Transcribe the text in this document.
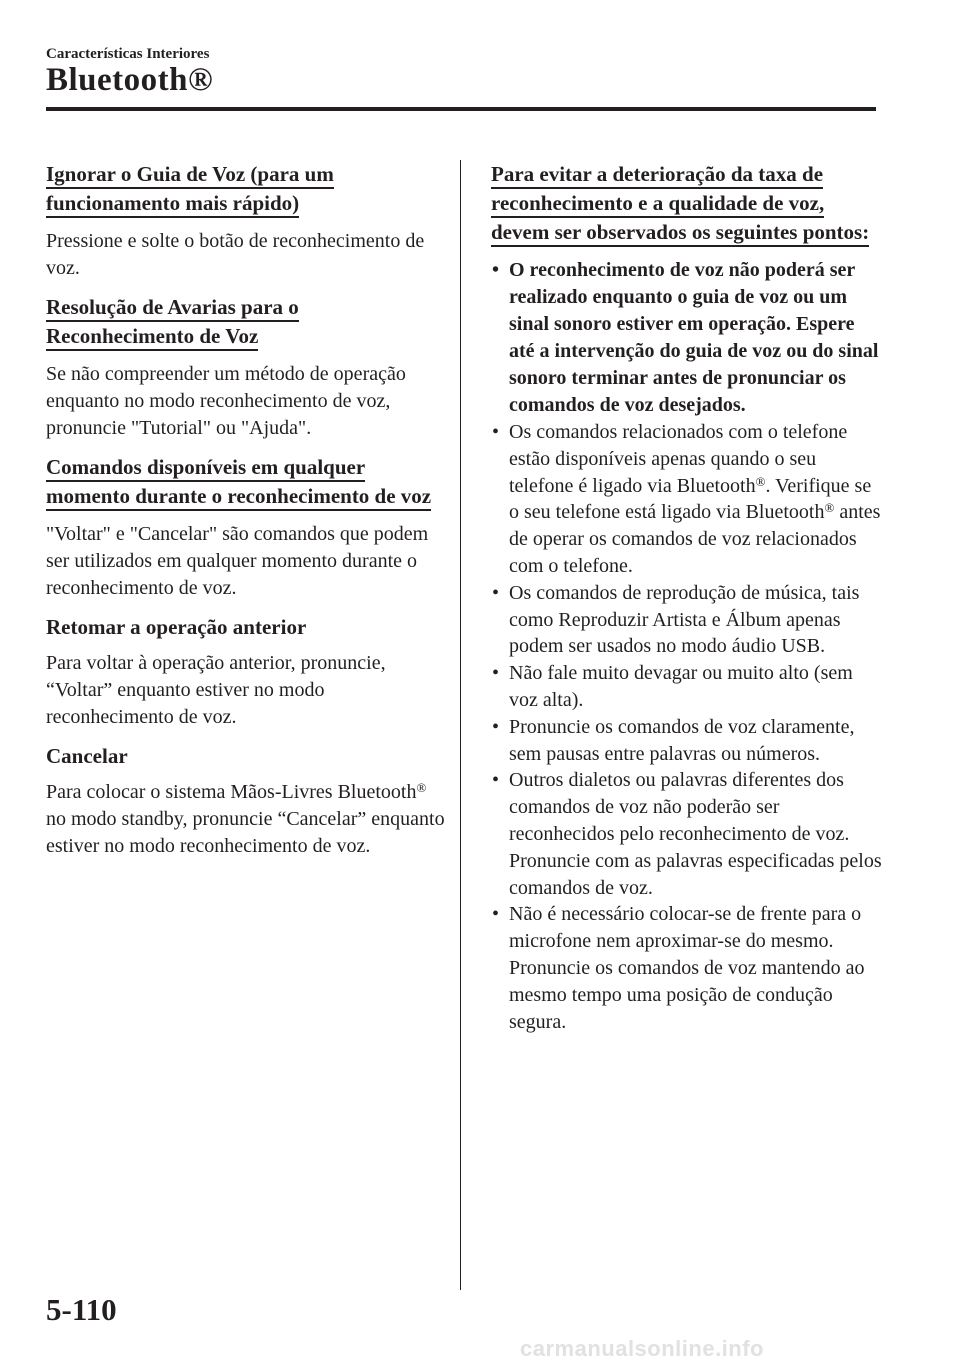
Características Interiores
Bluetooth®
Ignorar o Guia de Voz (para um funcionamento mais rápido)

Pressione e solte o botão de reconhecimento de voz.

Resolução de Avarias para o Reconhecimento de Voz

Se não compreender um método de operação enquanto no modo reconhecimento de voz, pronuncie "Tutorial" ou "Ajuda".

Comandos disponíveis em qualquer momento durante o reconhecimento de voz

"Voltar" e "Cancelar" são comandos que podem ser utilizados em qualquer momento durante o reconhecimento de voz.

Retomar a operação anterior

Para voltar à operação anterior, pronuncie, “Voltar” enquanto estiver no modo reconhecimento de voz.

Cancelar

Para colocar o sistema Mãos-Livres Bluetooth® no modo standby, pronuncie “Cancelar” enquanto estiver no modo reconhecimento de voz.

Para evitar a deterioração da taxa de reconhecimento e a qualidade de voz, devem ser observados os seguintes pontos:
• O reconhecimento de voz não poderá ser realizado enquanto o guia de voz ou um sinal sonoro estiver em operação. Espere até a intervenção do guia de voz ou do sinal sonoro terminar antes de pronunciar os comandos de voz desejados.
• Os comandos relacionados com o telefone estão disponíveis apenas quando o seu telefone é ligado via Bluetooth®. Verifique se o seu telefone está ligado via Bluetooth® antes de operar os comandos de voz relacionados com o telefone.
• Os comandos de reprodução de música, tais como Reproduzir Artista e Álbum apenas podem ser usados no modo áudio USB.
• Não fale muito devagar ou muito alto (sem voz alta).
• Pronuncie os comandos de voz claramente, sem pausas entre palavras ou números.
• Outros dialetos ou palavras diferentes dos comandos de voz não poderão ser reconhecidos pelo reconhecimento de voz. Pronuncie com as palavras especificadas pelos comandos de voz.
• Não é necessário colocar-se de frente para o microfone nem aproximar-se do mesmo. Pronuncie os comandos de voz mantendo ao mesmo tempo uma posição de condução segura.
5-110
carmanualsonline.info
